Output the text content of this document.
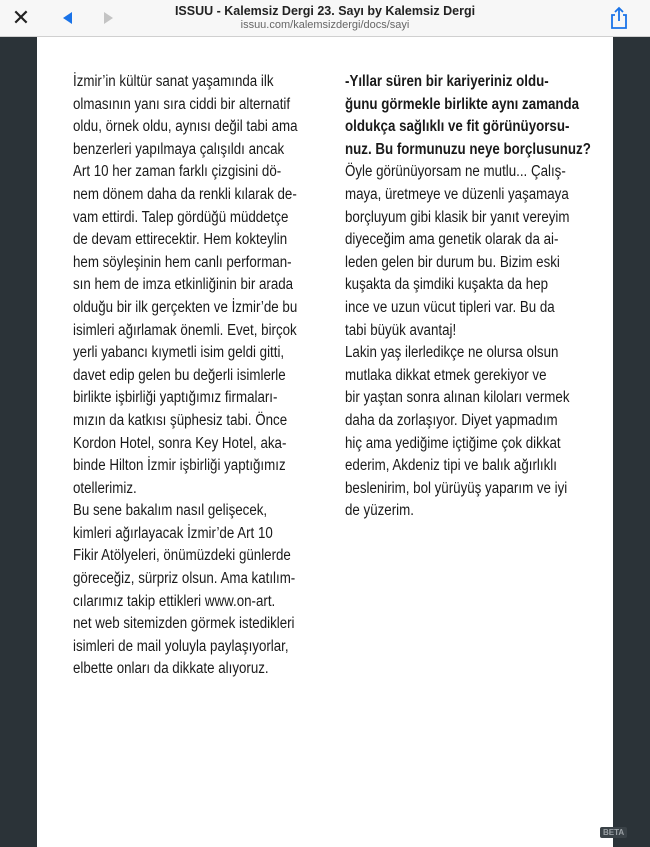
✕	ISSUU - Kalemsiz Dergi 23. Sayı by Kalemsiz Dergi
issuu.com/kalemsizdergi/docs/sayi

İzmir’in kültür sanat yaşamında ilk

olmasının yanı sıra ciddi bir alternatif

oldu, örnek oldu, aynısı değil tabi ama

benzerleri yapılmaya çalışıldı ancak

Art 10 her zaman farklı çizgisini dö-

nem dönem daha da renkli kılarak de-

vam ettirdi. Talep gördüğü müddetçe

de devam ettirecektir. Hem kokteylin

hem söyleşinin hem canlı performan-

sın hem de imza etkinliğinin bir arada

olduğu bir ilk gerçekten ve İzmir’de bu

isimleri ağırlamak önemli. Evet, birçok

yerli yabancı kıymetli isim geldi gitti,

davet edip gelen bu değerli isimlerle

birlikte işbirliği yaptığımız firmaları-

mızın da katkısı şüphesiz tabi. Önce

Kordon Hotel, sonra Key Hotel, aka-

binde Hilton İzmir işbirliği yaptığımız

otellerimiz.

Bu sene bakalım nasıl gelişecek,

kimleri ağırlayacak İzmir’de Art 10

Fikir Atölyeleri, önümüzdeki günlerde

göreceğiz, sürpriz olsun. Ama katılım-

cılarımız takip ettikleri www.on-art.

net web sitemizden görmek istedikleri

isimleri de mail yoluyla paylaşıyorlar,

elbette onları da dikkate alıyoruz.

-Yıllar süren bir kariyeriniz oldu-

ğunu görmekle birlikte aynı zamanda

oldukça sağlıklı ve fit görünüyorsu-

nuz. Bu formunuzu neye borçlusunuz?

Öyle görünüyorsam ne mutlu... Çalış-

maya, üretmeye ve düzenli yaşamaya

borçluyum gibi klasik bir yanıt vereyim

diyeceğim ama genetik olarak da ai-

leden gelen bir durum bu. Bizim eski

kuşakta da şimdiki kuşakta da hep

ince ve uzun vücut tipleri var. Bu da

tabi büyük avantaj!

Lakin yaş ilerledikçe ne olursa olsun

mutlaka dikkat etmek gerekiyor ve

bir yaştan sonra alınan kiloları vermek

daha da zorlaşıyor. Diyet yapmadım

hiç ama yediğime içtiğime çok dikkat

ederim, Akdeniz tipi ve balık ağırlıklı

beslenirim, bol yürüyüş yaparım ve iyi

de yüzerim.

BETA
